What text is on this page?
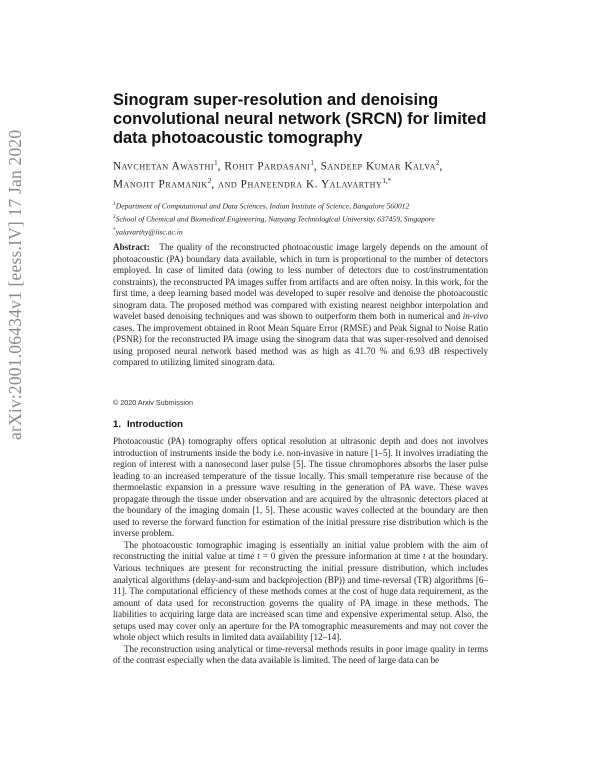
arXiv:2001.06434v1 [eess.IV] 17 Jan 2020
Sinogram super-resolution and denoising convolutional neural network (SRCN) for limited data photoacoustic tomography
Navchetan Awasthi$^1$, Rohit Pardasani$^1$, Sandeep Kumar Kalva$^2$, Manojit Pramanik$^2$, and Phaneendra K. Yalavarthy$^{1,*}$
$^1$Department of Computational and Data Sciences, Indian Institute of Science, Bangalore 560012
$^2$School of Chemical and Biomedical Engineering, Nanyang Technological University, 637459, Singapore
*yalavarthy@iisc.ac.in
Abstract: The quality of the reconstructed photoacoustic image largely depends on the amount of photoacoustic (PA) boundary data available, which in turn is proportional to the number of detectors employed. In case of limited data (owing to less number of detectors due to cost/instrumentation constraints), the reconstructed PA images suffer from artifacts and are often noisy. In this work, for the first time, a deep learning based model was developed to super resolve and denoise the photoacoustic sinogram data. The proposed method was compared with existing nearest neighbor interpolation and wavelet based denoising techniques and was shown to outperform them both in numerical and in-vivo cases. The improvement obtained in Root Mean Square Error (RMSE) and Peak Signal to Noise Ratio (PSNR) for the reconstructed PA image using the sinogram data that was super-resolved and denoised using proposed neural network based method was as high as 41.70 % and 6.93 dB respectively compared to utilizing limited sinogram data.
© 2020 Arxiv Submission
1. Introduction

Photoacoustic (PA) tomography offers optical resolution at ultrasonic depth and does not involves introduction of instruments inside the body i.e. non-invasive in nature [1–5]. It involves irradiating the region of interest with a nanosecond laser pulse [5]. The tissue chromophores absorbs the laser pulse leading to an increased temperature of the tissue locally. This small temperature rise because of the thermoelastic expansion in a pressure wave resulting in the generation of PA wave. These waves propagate through the tissue under observation and are acquired by the ultrasonic detectors placed at the boundary of the imaging domain [1, 5]. These acoustic waves collected at the boundary are then used to reverse the forward function for estimation of the initial pressure rise distribution which is the inverse problem.

The photoacoustic tomographic imaging is essentially an initial value problem with the aim of reconstructing the initial value at time t = 0 given the pressure information at time t at the boundary. Various techniques are present for reconstructing the initial pressure distribution, which includes analytical algorithms (delay-and-sum and backprojection (BP)) and time-reversal (TR) algorithms [6–11]. The computational efficiency of these methods comes at the cost of huge data requirement, as the amount of data used for reconstruction governs the quality of PA image in these methods. The liabilities to acquiring large data are increased scan time and expensive experimental setup. Also, the setups used may cover only an aperture for the PA tomographic measurements and may not cover the whole object which results in limited data availability [12–14].

The reconstruction using analytical or time-reversal methods results in poor image quality in terms of the contrast especially when the data available is limited. The need of large data can be
